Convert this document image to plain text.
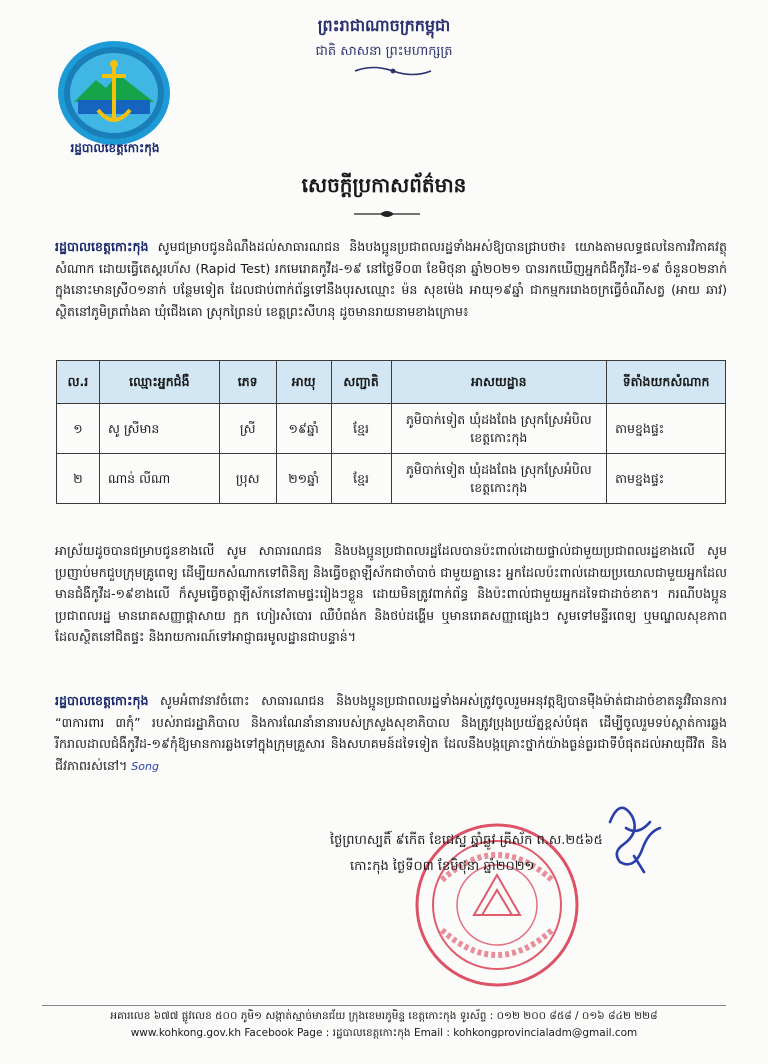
រដ្ឋបាលខេត្តកោះកុង
ព្រះរាជាណាចក្រកម្ពុជា
ជាតិ សាសនា ព្រះមហាក្សត្រ
សេចក្ដីប្រកាសព័ត៌មាន
រដ្ឋបាលខេត្តកោះកុង សូមជម្រាបជូនដំណឹងដល់សាធារណជន និងបងប្អូនប្រជាពលរដ្ឋទាំងអស់ឱ្យបានជ្រាបថា៖ យោងតាមលទ្ធផលនៃការវិភាគវត្ថុសំណាក ដោយធ្វើតេស្តរហ័ស (Rapid Test) រកមេរោគកូវីដ-១៩ នៅថ្ងៃទី០៣ ខែមិថុនា ឆ្នាំ២០២១ បានរកឃើញអ្នកជំងឺកូវីដ-១៩ ចំនួន០២នាក់ ក្នុងនោះមានស្រី០១នាក់ បន្ថែមទៀត ដែលជាប់ពាក់ព័ន្ធទៅនឹងបុរសឈ្មោះ ម៉ន សុខម៉េង អាយុ១៩ឆ្នាំ ជាកម្មកររោងចក្រធ្វើចំណីសត្វ (អាយ ឆាវ) ស្ថិតនៅភូមិត្រពាំងគា ឃុំជើងគោ ស្រុកព្រៃនប់ ខេត្តព្រះសីហនុ ដូចមានរាយនាមខាងក្រោម៖
ល.រ	ឈ្មោះអ្នកជំងឺ	ភេទ	អាយុ	សញ្ជាតិ	អាសយដ្ឋាន	ទីតាំងយកសំណាក
១	សូ ស្រីមាន	ស្រី	១៩ឆ្នាំ	ខ្មែរ	ភូមិបាក់ទៀត ឃុំដងពែង ស្រុកស្រែអំបិល ខេត្តកោះកុង	តាមខ្នងផ្ទះ
២	ណាន់ លីណា	ប្រុស	២១ឆ្នាំ	ខ្មែរ	ភូមិបាក់ទៀត ឃុំដងពែង ស្រុកស្រែអំបិល ខេត្តកោះកុង	តាមខ្នងផ្ទះ
អាស្រ័យដូចបានជម្រាបជូនខាងលើ សូម សាធារណជន និងបងប្អូនប្រជាពលរដ្ឋដែលបានប៉ះពាល់ដោយផ្ទាល់ជាមួយប្រជាពលរដ្ឋខាងលើ សូមប្រញាប់មកជួបក្រុមគ្រូពេទ្យ ដើម្បីយកសំណាកទៅពិនិត្យ និងធ្វើចត្តាឡីស័កជាចាំបាច់ ជាមួយគ្នានេះ អ្នកដែលប៉ះពាល់ដោយប្រយោលជាមួយអ្នកដែលមានជំងឺកូវីដ-១៩ខាងលើ ក៏សូមធ្វើចត្តាឡីស័កនៅតាមផ្ទះរៀងៗខ្លួន ដោយមិនត្រូវពាក់ព័ន្ធ និងប៉ះពាល់ជាមួយអ្នកដទៃជាដាច់ខាត។ ករណីបងប្អូនប្រជាពលរដ្ឋ មានរោគសញ្ញាផ្តាសាយ ក្អក ហៀរសំបោរ ឈឺបំពង់ក និងថប់ដង្ហើម ឬមានរោគសញ្ញាផ្សេងៗ សូមទៅមន្ទីរពេទ្យ ឬមណ្ឌលសុខភាព ដែលស្ថិតនៅជិតផ្ទះ និងរាយការណ៍ទៅអាជ្ញាធរមូលដ្ឋានជាបន្ទាន់។
រដ្ឋបាលខេត្តកោះកុង សូមអំពាវនាវចំពោះ សាធារណជន និងបងប្អូនប្រជាពលរដ្ឋទាំងអស់ត្រូវចូលរួមអនុវត្តឱ្យបានម៉ឺងម៉ាត់ជាដាច់ខាតនូវវិធានការ “៣ការពារ ៣កុំ” របស់រាជរដ្ឋាភិបាល និងការណែនាំនានារបស់ក្រសួងសុខាភិបាល និងត្រូវប្រុងប្រយ័ត្នខ្ពស់បំផុត ដើម្បីចូលរួមទប់ស្កាត់ការឆ្លងរីករាលដាលជំងឺកូវីដ-១៩កុំឱ្យមានការឆ្លងទៅក្នុងក្រុមគ្រួសារ និងសហគមន៍ដទៃទៀត ដែលនឹងបង្កគ្រោះថ្នាក់យ៉ាងធ្ងន់ធ្ងរជាទីបំផុតដល់អាយុជីវិត និងជីវភាពរស់នៅ។ Song
ថ្ងៃព្រហស្បតិ៍ ៩កើត ខែជេស្ឋ ឆ្នាំឆ្លូវ ត្រីស័ក ព.ស.២៥៦៥
កោះកុង ថ្ងៃទី០៣ ខែមិថុនា ឆ្នាំ២០២១
អគារលេខ ៦៧៧ ផ្លូវលេខ ៥០០ ភូមិ១ សង្កាត់ស្មាច់មានជ័យ ក្រុងខេមរភូមិន្ទ ខេត្តកោះកុង ទូរស័ព្ទ : ០១២ ២០០ ៨៥៨ / ០១៦ ៨៤២ ២២៨
www.kohkong.gov.kh Facebook Page : រដ្ឋបាលខេត្តកោះកុង Email : kohkongprovincialadm@gmail.com
